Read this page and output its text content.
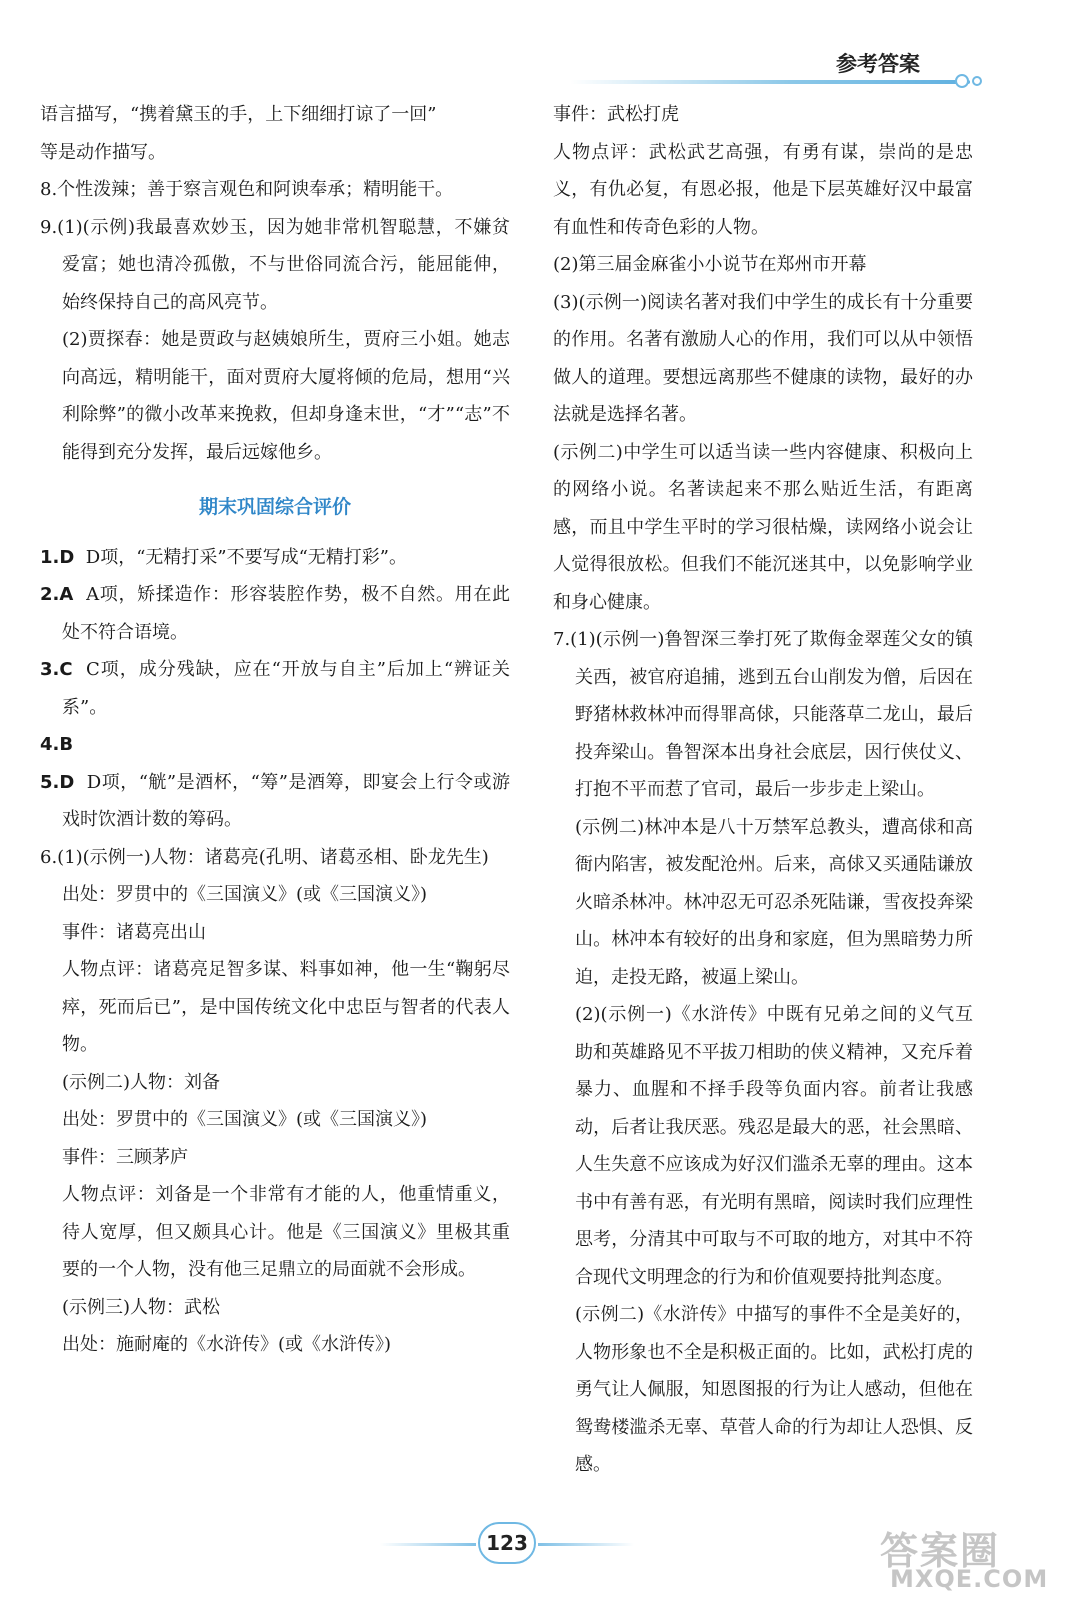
参考答案

语言描写，“携着黛玉的手，上下细细打谅了一回”

等是动作描写。

8.个性泼辣；善于察言观色和阿谀奉承；精明能干。

9.(1)(示例)我最喜欢妙玉，因为她非常机智聪慧，不嫌贫爱富；她也清冷孤傲，不与世俗同流合污，能屈能伸，始终保持自己的高风亮节。

(2)贾探春：她是贾政与赵姨娘所生，贾府三小姐。她志向高远，精明能干，面对贾府大厦将倾的危局，想用“兴利除弊”的微小改革来挽救，但却身逢末世，“才”“志”不能得到充分发挥，最后远嫁他乡。

期末巩固综合评价

1.D D项，“无精打采”不要写成“无精打彩”。

2.A A项，矫揉造作：形容装腔作势，极不自然。用在此处不符合语境。

3.C C项，成分残缺，应在“开放与自主”后加上“辨证关系”。

4.B

5.D D项，“觥”是酒杯，“筹”是酒筹，即宴会上行令或游戏时饮酒计数的筹码。

6.(1)(示例一)人物：诸葛亮(孔明、诸葛丞相、卧龙先生)

出处：罗贯中的《三国演义》(或《三国演义》)

事件：诸葛亮出山

人物点评：诸葛亮足智多谋、料事如神，他一生“鞠躬尽瘁，死而后已”，是中国传统文化中忠臣与智者的代表人物。

(示例二)人物：刘备

出处：罗贯中的《三国演义》(或《三国演义》)

事件：三顾茅庐

人物点评：刘备是一个非常有才能的人，他重情重义，待人宽厚，但又颇具心计。他是《三国演义》里极其重要的一个人物，没有他三足鼎立的局面就不会形成。

(示例三)人物：武松

出处：施耐庵的《水浒传》(或《水浒传》)

事件：武松打虎

人物点评：武松武艺高强，有勇有谋，崇尚的是忠义，有仇必复，有恩必报，他是下层英雄好汉中最富有血性和传奇色彩的人物。

(2)第三届金麻雀小小说节在郑州市开幕

(3)(示例一)阅读名著对我们中学生的成长有十分重要的作用。名著有激励人心的作用，我们可以从中领悟做人的道理。要想远离那些不健康的读物，最好的办法就是选择名著。

(示例二)中学生可以适当读一些内容健康、积极向上的网络小说。名著读起来不那么贴近生活，有距离感，而且中学生平时的学习很枯燥，读网络小说会让人觉得很放松。但我们不能沉迷其中，以免影响学业和身心健康。

7.(1)(示例一)鲁智深三拳打死了欺侮金翠莲父女的镇关西，被官府追捕，逃到五台山削发为僧，后因在野猪林救林冲而得罪高俅，只能落草二龙山，最后投奔梁山。鲁智深本出身社会底层，因行侠仗义、打抱不平而惹了官司，最后一步步走上梁山。

(示例二)林冲本是八十万禁军总教头，遭高俅和高衙内陷害，被发配沧州。后来，高俅又买通陆谦放火暗杀林冲。林冲忍无可忍杀死陆谦，雪夜投奔梁山。林冲本有较好的出身和家庭，但为黑暗势力所迫，走投无路，被逼上梁山。

(2)(示例一)《水浒传》中既有兄弟之间的义气互助和英雄路见不平拔刀相助的侠义精神，又充斥着暴力、血腥和不择手段等负面内容。前者让我感动，后者让我厌恶。残忍是最大的恶，社会黑暗、人生失意不应该成为好汉们滥杀无辜的理由。这本书中有善有恶，有光明有黑暗，阅读时我们应理性思考，分清其中可取与不可取的地方，对其中不符合现代文明理念的行为和价值观要持批判态度。

(示例二)《水浒传》中描写的事件不全是美好的，人物形象也不全是积极正面的。比如，武松打虎的勇气让人佩服，知恩图报的行为让人感动，但他在鸳鸯楼滥杀无辜、草菅人命的行为却让人恐惧、反感。

123	答案圈
MXQE.COM
